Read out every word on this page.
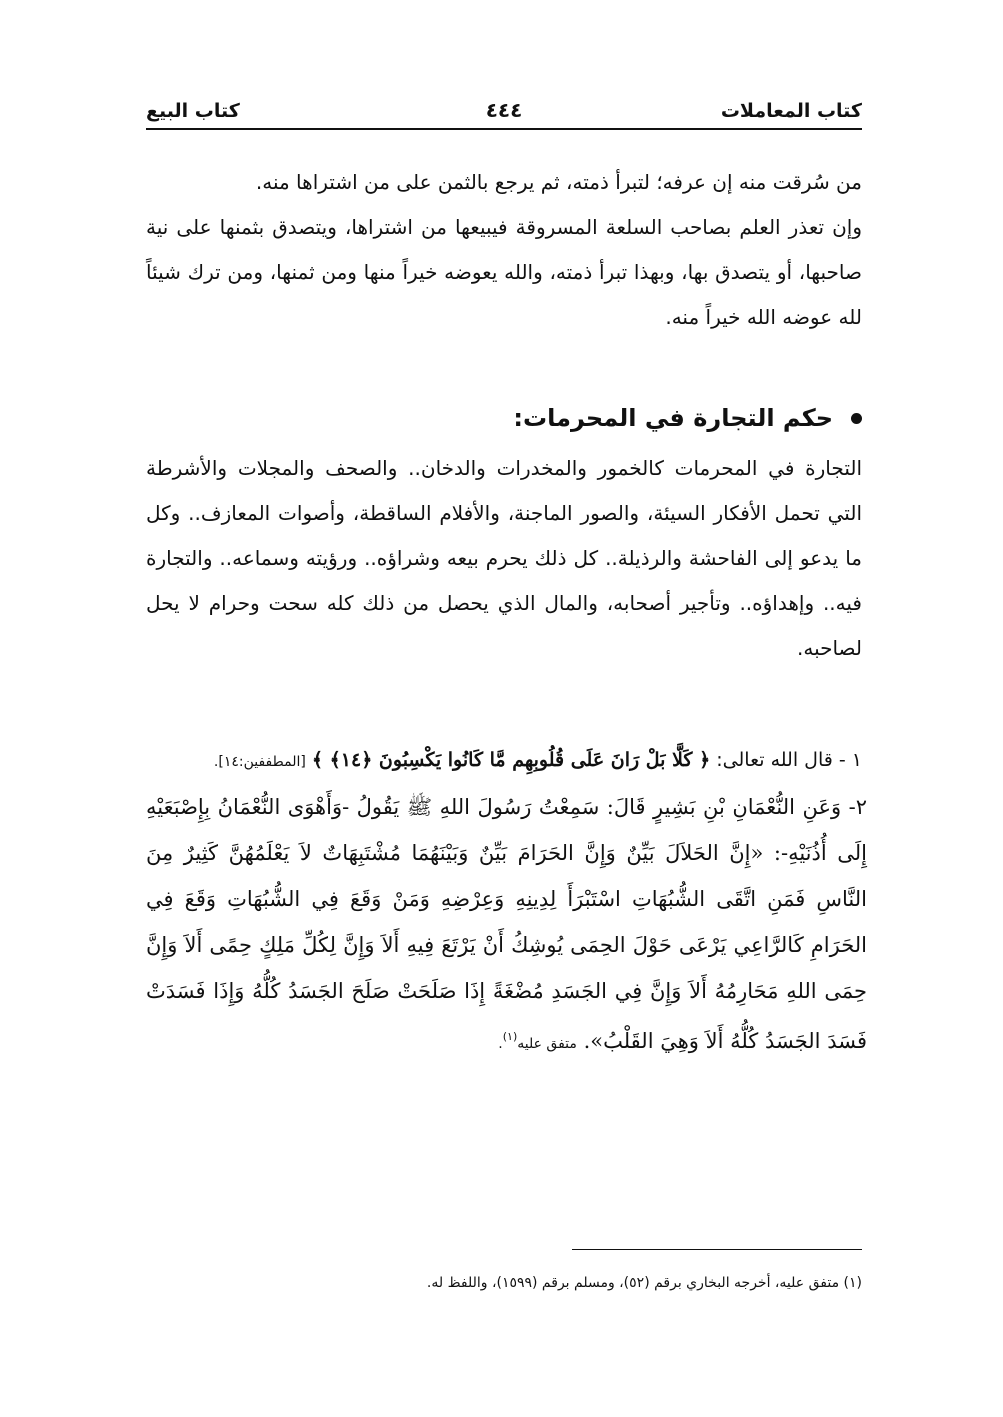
كتاب المعاملات
٤٤٤
كتاب البيع

من سُرقت منه إن عرفه؛ لتبرأ ذمته، ثم يرجع بالثمن على من اشتراها منه.

وإن تعذر العلم بصاحب السلعة المسروقة فيبيعها من اشتراها، ويتصدق بثمنها على نية صاحبها، أو يتصدق بها، وبهذا تبرأ ذمته، والله يعوضه خيراً منها ومن ثمنها، ومن ترك شيئاً لله عوضه الله خيراً منه.

حكم التجارة في المحرمات:

التجارة في المحرمات كالخمور والمخدرات والدخان.. والصحف والمجلات والأشرطة التي تحمل الأفكار السيئة، والصور الماجنة، والأفلام الساقطة، وأصوات المعازف.. وكل ما يدعو إلى الفاحشة والرذيلة.. كل ذلك يحرم بيعه وشراؤه.. ورؤيته وسماعه.. والتجارة فيه.. وإهداؤه.. وتأجير أصحابه، والمال الذي يحصل من ذلك كله سحت وحرام لا يحل لصاحبه.

١ - قال الله تعالى: ﴿ كَلَّا بَلْ رَانَ عَلَى قُلُوبِهِم مَّا كَانُوا يَكْسِبُونَ ﴿١٤﴾ ﴾ [المطففين:١٤].

٢- وَعَنِ النُّعْمَانِ بْنِ بَشِيرٍ قَالَ: سَمِعْتُ رَسُولَ اللهِ ﷺ يَقُولُ -وَأَهْوَى النُّعْمَانُ بِإِصْبَعَيْهِ إِلَى أُذُنَيْهِ-: «إِنَّ الحَلاَلَ بَيِّنٌ وَإِنَّ الحَرَامَ بَيِّنٌ وَبَيْنَهُمَا مُشْتَبِهَاتٌ لاَ يَعْلَمُهُنَّ كَثِيرٌ مِنَ النَّاسِ فَمَنِ اتَّقَى الشُّبُهَاتِ اسْتَبْرَأَ لِدِينِهِ وَعِرْضِهِ وَمَنْ وَقَعَ فِي الشُّبُهَاتِ وَقَعَ فِي الحَرَامِ كَالرَّاعِي يَرْعَى حَوْلَ الحِمَى يُوشِكُ أَنْ يَرْتَعَ فِيهِ أَلاَ وَإِنَّ لِكُلِّ مَلِكٍ حِمًى أَلاَ وَإِنَّ حِمَى اللهِ مَحَارِمُهُ أَلاَ وَإِنَّ فِي الجَسَدِ مُضْغَةً إِذَا صَلَحَتْ صَلَحَ الجَسَدُ كُلُّهُ وَإِذَا فَسَدَتْ فَسَدَ الجَسَدُ كُلُّهُ أَلاَ وَهِيَ القَلْبُ». متفق عليه$^{(١)}$.

(١) متفق عليه، أخرجه البخاري برقم (٥٢)، ومسلم برقم (١٥٩٩)، واللفظ له.
